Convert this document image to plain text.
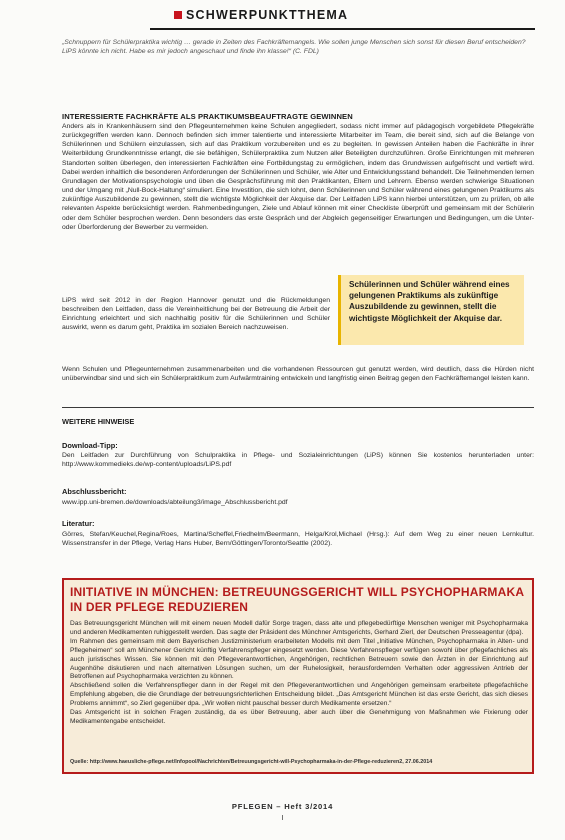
SCHWERPUNKTTHEMA
„Schnuppern für Schülerpraktika wichtig … gerade in Zeiten des Fachkräftemangels. Wie sollen junge Menschen sich sonst für diesen Beruf entscheiden? LiPS könnte ich nicht. Habe es mir jedoch angeschaut und finde ihn klasse!“ (C. FDL)
INTERESSIERTE FACHKRÄFTE ALS PRAKTIKUMSBEAUFTRAGTE GEWINNEN
Anders als in Krankenhäusern sind den Pflegeunternehmen keine Schulen angegliedert, sodass nicht immer auf pädagogisch vorgebildete Pflegekräfte zurückgegriffen werden kann. Dennoch befinden sich immer talentierte und interessierte Mitarbeiter im Team, die bereit sind, sich auf die Belange von Schülerinnen und Schülern einzulassen, sich auf das Praktikum vorzubereiten und es zu begleiten. In gewissen Anteilen haben die Fachkräfte in ihrer Weiterbildung Grundkenntnisse erlangt, die sie befähigen, Schülerpraktika zum Nutzen aller Beteiligten durchzuführen. Große Einrichtungen mit mehreren Standorten sollten überlegen, den interessierten Fachkräften eine Fortbildungstag zu ermöglichen, indem das Grundwissen aufgefrischt und vertieft wird. Dabei werden inhaltlich die besonderen Anforderungen der Schülerinnen und Schüler, wie Alter und Entwicklungsstand behandelt. Die Teilnehmenden lernen Grundlagen der Motivationspsychologie und üben die Gesprächsführung mit den Praktikanten, Eltern und Lehrern. Ebenso werden schwierige Situationen und der Umgang mit „Null-Bock-Haltung“ simuliert. Eine Investition, die sich lohnt, denn Schülerinnen und Schüler während eines gelungenen Praktikums als zukünftige Auszubildende zu gewinnen, stellt die wichtigste Möglichkeit der Akquise dar. Der Leitfaden LiPS kann hierbei unterstützen, um zu prüfen, ob alle relevanten Aspekte berücksichtigt werden. Rahmenbedingungen, Ziele und Ablauf können mit einer Checkliste überprüft und gemeinsam mit der Schülerin oder dem Schüler besprochen werden. Denn besonders das erste Gespräch und der Abgleich gegenseitiger Erwartungen und Bedingungen, um die Unter- oder Überforderung der Bewerber zu vermeiden.
LiPS wird seit 2012 in der Region Hannover genutzt und die Rückmeldungen beschreiben den Leitfaden, dass die Vereinheitlichung bei der Betreuung die Arbeit der Einrichtung erleichtert und sich nachhaltig positiv für die Schülerinnen und Schüler auswirkt, wenn es darum geht, Praktika im sozialen Bereich nachzuweisen.
Schülerinnen und Schüler während eines gelungenen Praktikums als zukünftige Auszubildende zu gewinnen, stellt die wichtigste Möglichkeit der Akquise dar.
Wenn Schulen und Pflegeunternehmen zusammenarbeiten und die vorhandenen Ressourcen gut genutzt werden, wird deutlich, dass die Hürden nicht unüberwindbar sind und sich ein Schülerpraktikum zum Aufwärmtraining entwickeln und langfristig einen Beitrag gegen den Fachkräftemangel leisten kann.
WEITERE HINWEISE
Download-Tipp:
Den Leitfaden zur Durchführung von Schulpraktika in Pflege- und Sozialeinrichtungen (LiPS) können Sie kostenlos herunterladen unter: http://www.kommedieks.de/wp-content/uploads/LiPS.pdf
Abschlussbericht:
www.ipp.uni-bremen.de/downloads/abteilung3/image_Abschlussbericht.pdf
Literatur:
Görres, Stefan/Keuchel,Regina/Roes, Martina/Scheffel,Friedhelm/Beermann, Helga/Krol,Michael (Hrsg.): Auf dem Weg zu einer neuen Lernkultur. Wissenstransfer in der Pflege, Verlag Hans Huber, Bern/Göttingen/Toronto/Seattle (2002).
INITIATIVE IN MÜNCHEN: BETREUUNGSGERICHT WILL PSYCHOPHARMAKA IN DER PFLEGE REDUZIEREN
Das Betreuungsgericht München will mit einem neuen Modell dafür Sorge tragen, dass alte und pflegebedürftige Menschen weniger mit Psychopharmaka und anderen Medikamenten ruhiggestellt werden. Das sagte der Präsident des Münchner Amtsgerichts, Gerhard Zierl, der Deutschen Presseagentur (dpa).
Im Rahmen des gemeinsam mit dem Bayerischen Justizministerium erarbeiteten Modells mit dem Titel „Initiative München, Psychopharmaka in Alten- und Pflegeheimen“ soll am Münchener Gericht künftig Verfahrenspfleger eingesetzt werden. Diese Verfahrenspfleger verfügen sowohl über pflegefachliches als auch juristisches Wissen. Sie können mit den Pflegeverantwortlichen, Angehörigen, rechtlichen Betreuern sowie den Ärzten in der Einrichtung auf Augenhöhe diskutieren und nach alternativen Lösungen suchen, um der Ruhelosigkeit, herausfordernden Verhalten oder aggressiven Antrieb der Betroffenen auf Psychopharmaka verzichten zu können.
Abschließend sollen die Verfahrenspfleger dann in der Regel mit den Pflegeverantwortlichen und Angehörigen gemeinsam erarbeitete pflegefachliche Empfehlung abgeben, die die Grundlage der betreuungsrichterlichen Entscheidung bildet. „Das Amtsgericht München ist das erste Gericht, das sich dieses Problems annimmt“, so Zierl gegenüber dpa. „Wir wollen nicht pauschal besser durch Medikamente ersetzen.“
Das Amtsgericht ist in solchen Fragen zuständig, da es über Betreuung, aber auch über die Genehmigung von Maßnahmen wie Fixierung oder Medikamentengabe entscheidet.
Quelle: http://www.haeusliche-pflege.net/Infopool/Nachrichten/Betreuungsgericht-will-Psychopharmaka-in-der-Pflege-reduzieren2, 27.06.2014
PFLEGEN – Heft 3/2014
I
